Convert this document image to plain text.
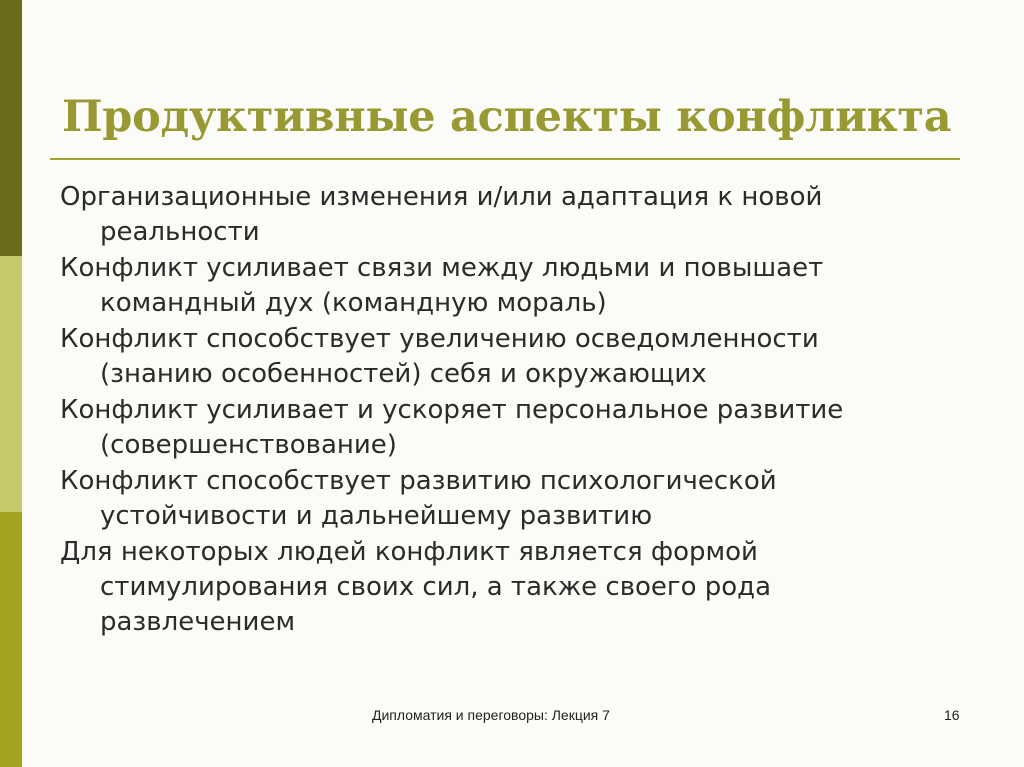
Продуктивные аспекты конфликта
Организационные изменения и/или адаптация к новой
реальности
Конфликт усиливает связи между людьми и повышает
командный дух (командную мораль)
Конфликт способствует увеличению осведомленности
(знанию особенностей) себя и окружающих
Конфликт усиливает и ускоряет персональное развитие
(совершенствование)
Конфликт способствует развитию психологической
устойчивости и дальнейшему развитию
Для некоторых людей конфликт является формой
стимулирования своих сил, а также своего рода
развлечением
Дипломатия и переговоры: Лекция 7	16
